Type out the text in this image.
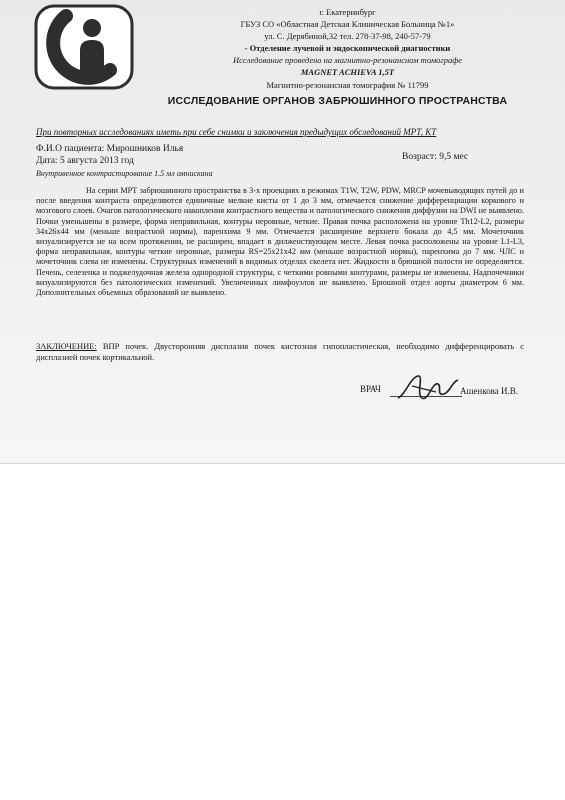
г. Екатеринбург
ГБУЗ СО «Областная Детская Клиническая Больница №1»
ул. С. Дерябиной,32 тел. 278-37-98, 240-57-79
- Отделение лучевой и эндоскопической диагностики
Исследование проведено на магнитно-резонансном томографе
MAGNET ACHIEVA 1,5T
Магнитно-резонансная томография № 11799
ИССЛЕДОВАНИЕ ОРГАНОВ ЗАБРЮШИННОГО ПРОСТРАНСТВА
При повторных исследованиях иметь при себе снимки и заключения предыдущих обследований МРТ, КТ
Ф.И.О пациента: Мирошников Илья
Дата: 5 августа 2013 год	Возраст: 9,5 мес
Внутривенное контрастирование 1.5 мл омнискана
На серии МРТ забрюшинного пространства в 3-х проекциях в режимах T1W, T2W, PDW, MRCP мочевыводящих путей до и после введения контраста определяются единичные мелкие кисты от 1 до 3 мм, отмечается снижение дифференциации коркового и мозгового слоев. Очагов патологического накопления контрастного вещества и патологического снижения диффузии на DWI не выявлено. Почки уменьшены в размере, форма неправильная, контуры неровные, четкие. Правая почка расположена на уровне Th12-L2, размеры 34х26х44 мм (меньше возрастной нормы), паренхима 9 мм. Отмечается расширение верхнего бокала до 4,5 мм. Мочеточник визуализируется не на всем протяжении, не расширен, впадает в дилженствующем месте. Левая почка расположены на уровне L1-L3, форма неправильная, контуры четкие неровные, размеры RS=25х21х42 мм (меньше возрастной нормы), паренхима до 7 мм. ЧЛС и мочеточник слева не изменены. Структурных изменений в видимых отделах скелета нет. Жидкости в брюшной полости не определяется. Печень, селезенка и поджелудочная железа однородной структуры, с четкими ровными контурами, размеры не изменены. Надпочечники визуализируются без патологических изменений. Увеличенных лимфоузлов не выявлено. Брюшной отдел аорты диаметром 6 мм. Дополнительных объемных образований не выявлено.
ЗАКЛЮЧЕНИЕ: ВПР почек. Двусторонняя дисплазия почек кистозная гипопластическая, необходимо дифференцировать с дисплазией почек кортикальной.
ВРАЧ	Ашенкова И.В.
